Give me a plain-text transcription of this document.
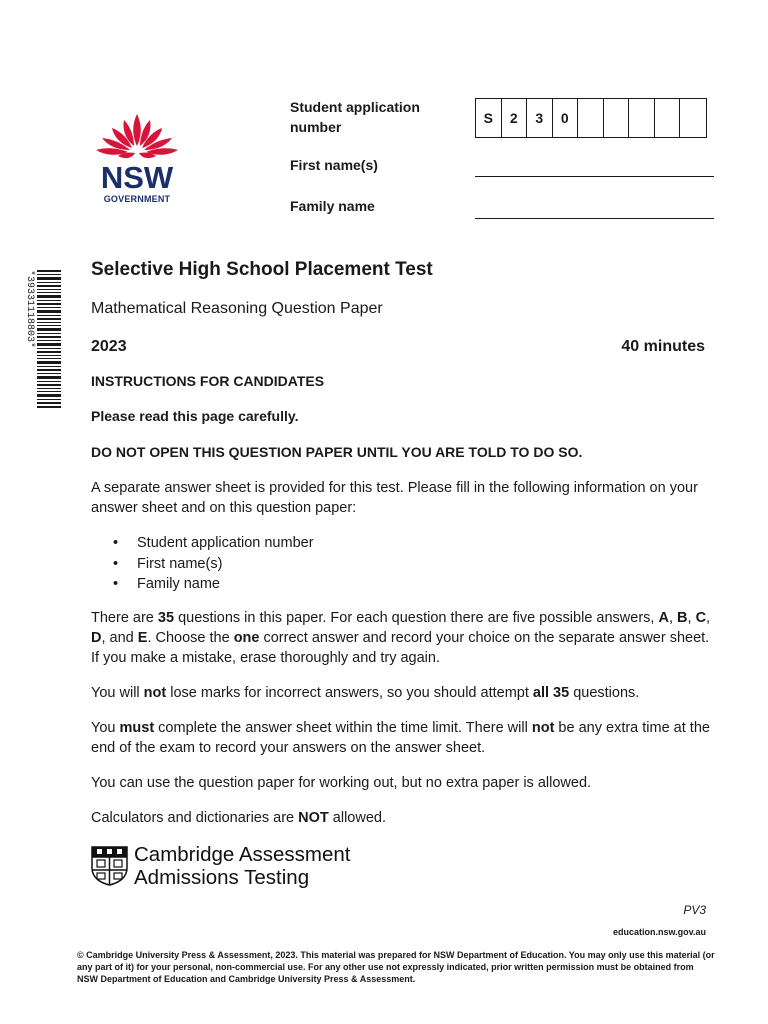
NSW
GOVERNMENT
Student application number
S	2	3	0
First name(s)
Family name
*39331118803*
Selective High School Placement Test
Mathematical Reasoning Question Paper
2023	40 minutes
INSTRUCTIONS FOR CANDIDATES
Please read this page carefully.
DO NOT OPEN THIS QUESTION PAPER UNTIL YOU ARE TOLD TO DO SO.
A separate answer sheet is provided for this test. Please fill in the following information on your answer sheet and on this question paper:
• Student application number
• First name(s)
• Family name
There are 35 questions in this paper. For each question there are five possible answers, A, B, C, D, and E. Choose the one correct answer and record your choice on the separate answer sheet. If you make a mistake, erase thoroughly and try again.
You will not lose marks for incorrect answers, so you should attempt all 35 questions.
You must complete the answer sheet within the time limit. There will not be any extra time at the end of the exam to record your answers on the answer sheet.
You can use the question paper for working out, but no extra paper is allowed.
Calculators and dictionaries are NOT allowed.
Cambridge Assessment
Admissions Testing
PV3
education.nsw.gov.au
© Cambridge University Press & Assessment, 2023. This material was prepared for NSW Department of Education. You may only use this material (or any part of it) for your personal, non-commercial use. For any other use not expressly indicated, prior written permission must be obtained from NSW Department of Education and Cambridge University Press & Assessment.
